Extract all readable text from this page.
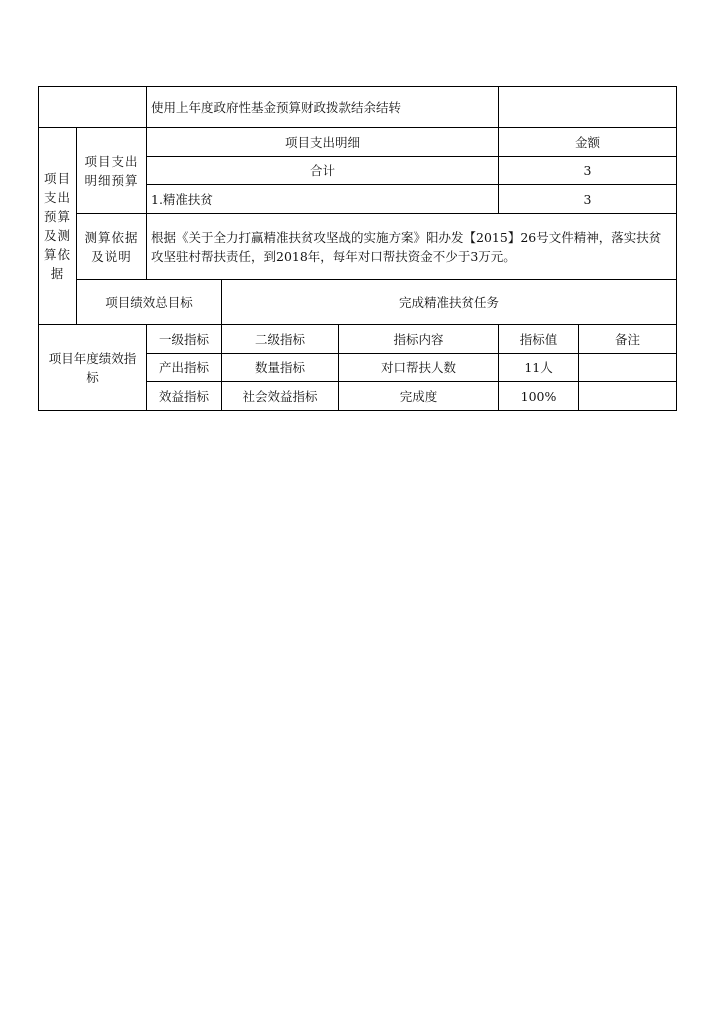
		使用上年度政府性基金预算财政拨款结余结转				
项目支出预算及测算依据	项目支出明细预算	项目支出明细			金额	
		合计			3	
		1.精准扶贫			3	
	测算依据及说明	根据《关于全力打赢精准扶贫攻坚战的实施方案》阳办发【2015】26号文件精神，落实扶贫攻坚驻村帮扶责任，到2018年，每年对口帮扶资金不少于3万元。				
	项目绩效总目标		完成精准扶贫任务			
项目年度绩效指标		一级指标	二级指标	指标内容	指标值	备注
		产出指标	数量指标	对口帮扶人数	11人	
		效益指标	社会效益指标	完成度	100%	
